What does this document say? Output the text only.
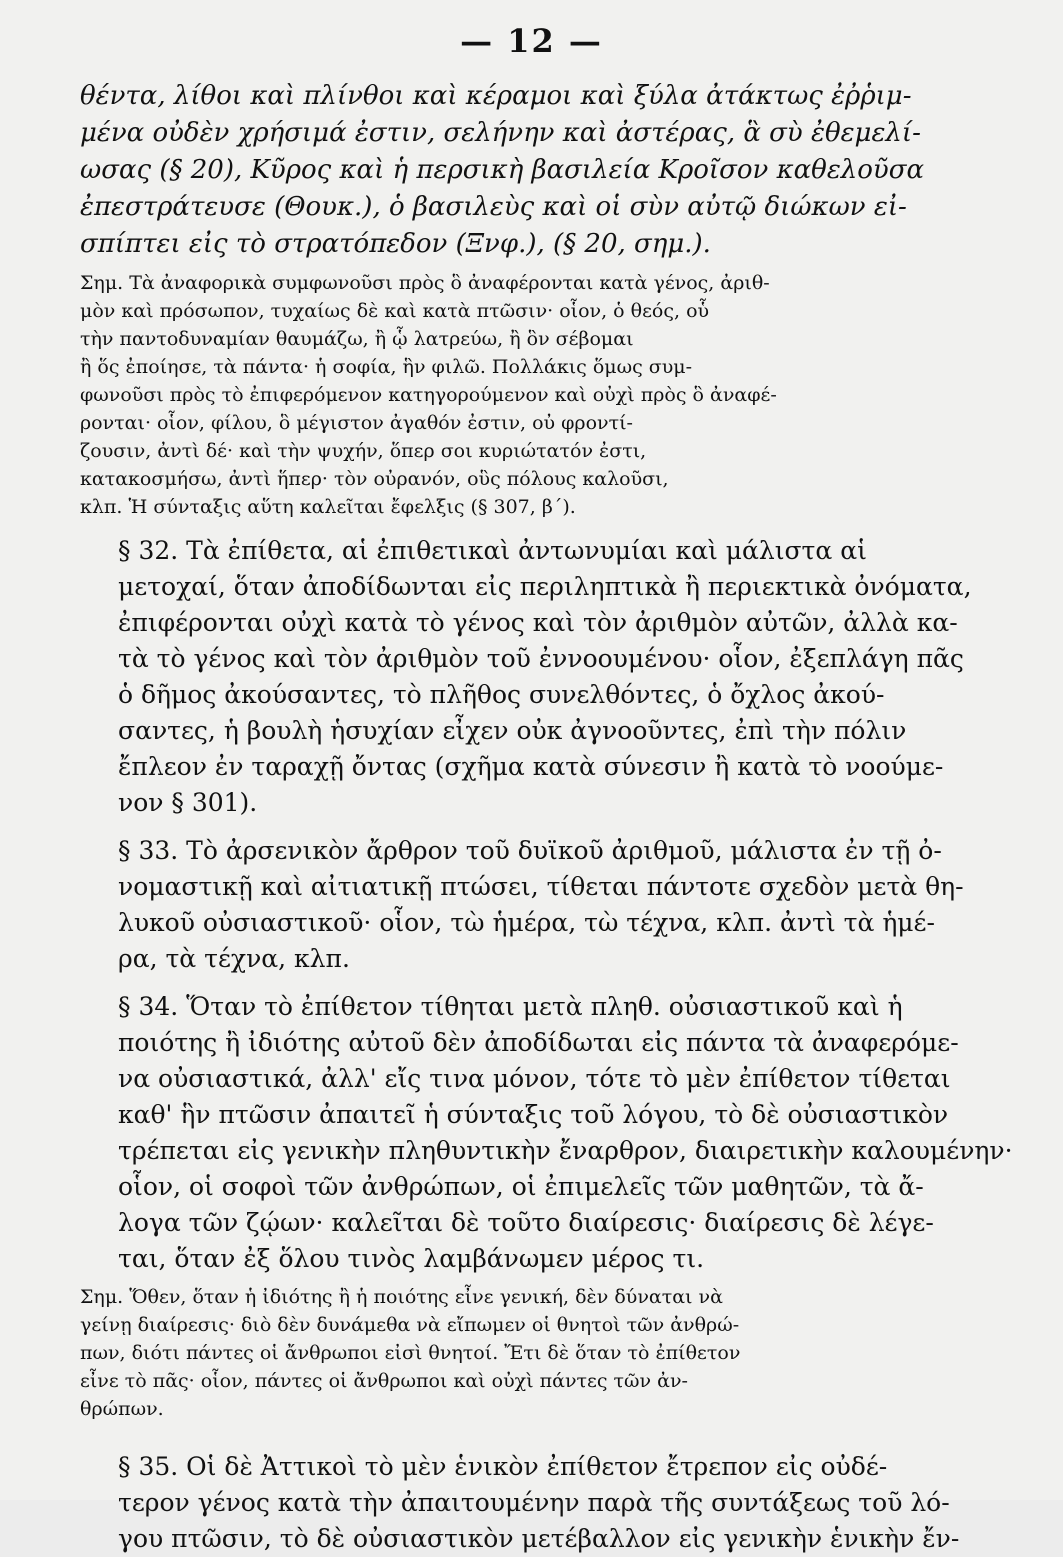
— 12 —
θέντα, λίθοι καὶ πλίνθοι καὶ κέραμοι καὶ ξύλα ἀτάκτως ἐῤῥιμ-
μένα οὐδὲν χρήσιμά ἐστιν, σελήνην καὶ ἀστέρας, ἃ σὺ ἐθεμελί-
ωσας (§ 20), Κῦρος καὶ ἡ περσικὴ βασιλεία Κροῖσον καθελοῦσα
ἐπεστράτευσε (Θουκ.), ὁ βασιλεὺς καὶ οἱ σὺν αὐτῷ διώκων εἰ-
σπίπτει εἰς τὸ στρατόπεδον (Ξνφ.), (§ 20, σημ.).
Σημ. Τὰ ἀναφορικὰ συμφωνοῦσι πρὸς ὃ ἀναφέρονται κατὰ γένος, ἀριθ-
μὸν καὶ πρόσωπον, τυχαίως δὲ καὶ κατὰ πτῶσιν· οἷον, ὁ θεός, οὗ
τὴν παντοδυναμίαν θαυμάζω, ἢ ᾧ λατρεύω, ἢ ὃν σέβομαι
ἢ ὅς ἐποίησε, τὰ πάντα· ἡ σοφία, ἣν φιλῶ. Πολλάκις ὅμως συμ-
φωνοῦσι πρὸς τὸ ἐπιφερόμενον κατηγορούμενον καὶ οὐχὶ πρὸς ὃ ἀναφέ-
ρονται· οἷον, φίλου, ὃ μέγιστον ἀγαθόν ἐστιν, οὐ φροντί-
ζουσιν, ἀντὶ δέ· καὶ τὴν ψυχήν, ὅπερ σοι κυριώτατόν ἐστι,
κατακοσμήσω, ἀντὶ ἥπερ· τὸν οὐρανόν, οὓς πόλους καλοῦσι,
κλπ. Ἡ σύνταξις αὕτη καλεῖται ἔφελξις (§ 307, β΄).
§ 32. Τὰ ἐπίθετα, αἱ ἐπιθετικαὶ ἀντωνυμίαι καὶ μάλιστα αἱ
μετοχαί, ὅταν ἀποδίδωνται εἰς περιληπτικὰ ἢ περιεκτικὰ ὀνόματα,
ἐπιφέρονται οὐχὶ κατὰ τὸ γένος καὶ τὸν ἀριθμὸν αὐτῶν, ἀλλὰ κα-
τὰ τὸ γένος καὶ τὸν ἀριθμὸν τοῦ ἐννοουμένου· οἷον, ἐξεπλάγη πᾶς
ὁ δῆμος ἀκούσαντες, τὸ πλῆθος συνελθόντες, ὁ ὄχλος ἀκού-
σαντες, ἡ βουλὴ ἡσυχίαν εἶχεν οὐκ ἀγνοοῦντες, ἐπὶ τὴν πόλιν
ἔπλεον ἐν ταραχῇ ὄντας (σχῆμα κατὰ σύνεσιν ἢ κατὰ τὸ νοούμε-
νον § 301).
§ 33. Τὸ ἀρσενικὸν ἄρθρον τοῦ δυϊκοῦ ἀριθμοῦ, μάλιστα ἐν τῇ ὀ-
νομαστικῇ καὶ αἰτιατικῇ πτώσει, τίθεται πάντοτε σχεδὸν μετὰ θη-
λυκοῦ οὐσιαστικοῦ· οἷον, τὼ ἡμέρα, τὼ τέχνα, κλπ. ἀντὶ τὰ ἡμέ-
ρα, τὰ τέχνα, κλπ.
§ 34. Ὅταν τὸ ἐπίθετον τίθηται μετὰ πληθ. οὐσιαστικοῦ καὶ ἡ
ποιότης ἢ ἰδιότης αὐτοῦ δὲν ἀποδίδωται εἰς πάντα τὰ ἀναφερόμε-
να οὐσιαστικά, ἀλλ' εἴς τινα μόνον, τότε τὸ μὲν ἐπίθετον τίθεται
καθ' ἣν πτῶσιν ἀπαιτεῖ ἡ σύνταξις τοῦ λόγου, τὸ δὲ οὐσιαστικὸν
τρέπεται εἰς γενικὴν πληθυντικὴν ἔναρθρον, διαιρετικὴν καλουμένην·
οἷον, οἱ σοφοὶ τῶν ἀνθρώπων, οἱ ἐπιμελεῖς τῶν μαθητῶν, τὰ ἄ-
λογα τῶν ζῴων· καλεῖται δὲ τοῦτο διαίρεσις· διαίρεσις δὲ λέγε-
ται, ὅταν ἐξ ὅλου τινὸς λαμβάνωμεν μέρος τι.
Σημ. Ὅθεν, ὅταν ἡ ἰδιότης ἢ ἡ ποιότης εἶνε γενική, δὲν δύναται νὰ
γείνῃ διαίρεσις· διὸ δὲν δυνάμεθα νὰ εἴπωμεν οἱ θνητοὶ τῶν ἀνθρώ-
πων, διότι πάντες οἱ ἄνθρωποι εἰσὶ θνητοί. Ἔτι δὲ ὅταν τὸ ἐπίθετον
εἶνε τὸ πᾶς· οἷον, πάντες οἱ ἄνθρωποι καὶ οὐχὶ πάντες τῶν ἀν-
θρώπων.
§ 35. Οἱ δὲ Ἀττικοὶ τὸ μὲν ἑνικὸν ἐπίθετον ἔτρεπον εἰς οὐδέ-
τερον γένος κατὰ τὴν ἀπαιτουμένην παρὰ τῆς συντάξεως τοῦ λό-
γου πτῶσιν, τὸ δὲ οὐσιαστικὸν μετέβαλλον εἰς γενικὴν ἑνικὴν ἔν-
